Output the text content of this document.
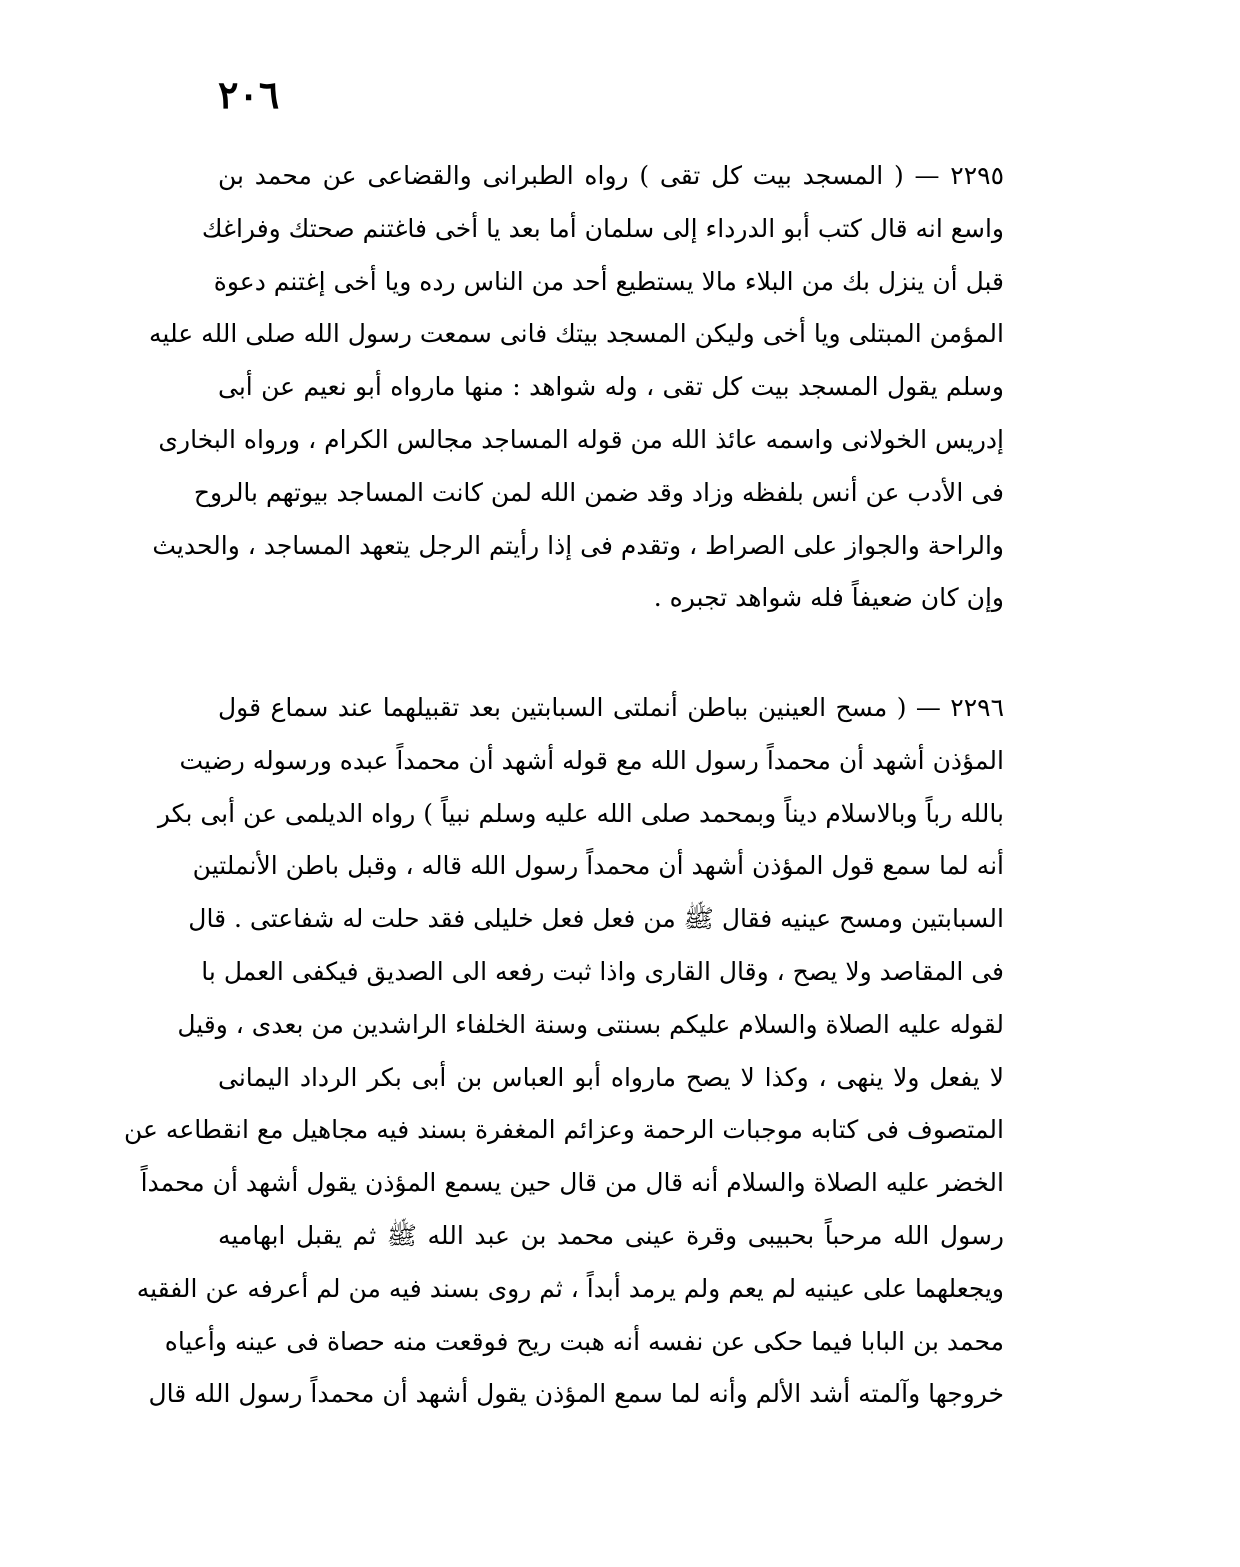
٢٠٦
٢٢٩٥ — ( المسجد بيت كل تقى ) رواه الطبرانى والقضاعى عن محمد بن
واسع انه قال كتب أبو الدرداء إلى سلمان أما بعد يا أخى فاغتنم صحتك وفراغك
قبل أن ينزل بك من البلاء مالا يستطيع أحد من الناس رده ويا أخى إغتنم دعوة
المؤمن المبتلى ويا أخى وليكن المسجد بيتك فانى سمعت رسول الله صلى الله عليه
وسلم يقول المسجد بيت كل تقى ، وله شواهد : منها مارواه أبو نعيم عن أبى
إدريس الخولانى واسمه عائذ الله من قوله المساجد مجالس الكرام ، ورواه البخارى
فى الأدب عن أنس بلفظه وزاد وقد ضمن الله لمن كانت المساجد بيوتهم بالروح
والراحة والجواز على الصراط ، وتقدم فى إذا رأيتم الرجل يتعهد المساجد ، والحديث
وإن كان ضعيفاً فله شواهد تجبره .
٢٢٩٦ — ( مسح العينين بباطن أنملتى السبابتين بعد تقبيلهما عند سماع قول
المؤذن أشهد أن محمداً رسول الله مع قوله أشهد أن محمداً عبده ورسوله رضيت
بالله رباً وبالاسلام ديناً وبمحمد صلى الله عليه وسلم نبياً ) رواه الديلمى عن أبى بكر
أنه لما سمع قول المؤذن أشهد أن محمداً رسول الله قاله ، وقبل باطن الأنملتين
السبابتين ومسح عينيه فقال ﷺ من فعل فعل خليلى فقد حلت له شفاعتى . قال
فى المقاصد ولا يصح ، وقال القارى واذا ثبت رفعه الى الصديق فيكفى العمل با
لقوله عليه الصلاة والسلام عليكم بسنتى وسنة الخلفاء الراشدين من بعدى ، وقيل
لا يفعل ولا ينهى ، وكذا لا يصح مارواه أبو العباس بن أبى بكر الرداد اليمانى
المتصوف فى كتابه موجبات الرحمة وعزائم المغفرة بسند فيه مجاهيل مع انقطاعه عن
الخضر عليه الصلاة والسلام أنه قال من قال حين يسمع المؤذن يقول أشهد أن محمداً
رسول الله مرحباً بحبيبى وقرة عينى محمد بن عبد الله ﷺ ثم يقبل ابهاميه
ويجعلهما على عينيه لم يعم ولم يرمد أبداً ، ثم روى بسند فيه من لم أعرفه عن الفقيه
محمد بن البابا فيما حكى عن نفسه أنه هبت ريح فوقعت منه حصاة فى عينه وأعياه
خروجها وآلمته أشد الألم وأنه لما سمع المؤذن يقول أشهد أن محمداً رسول الله قال
